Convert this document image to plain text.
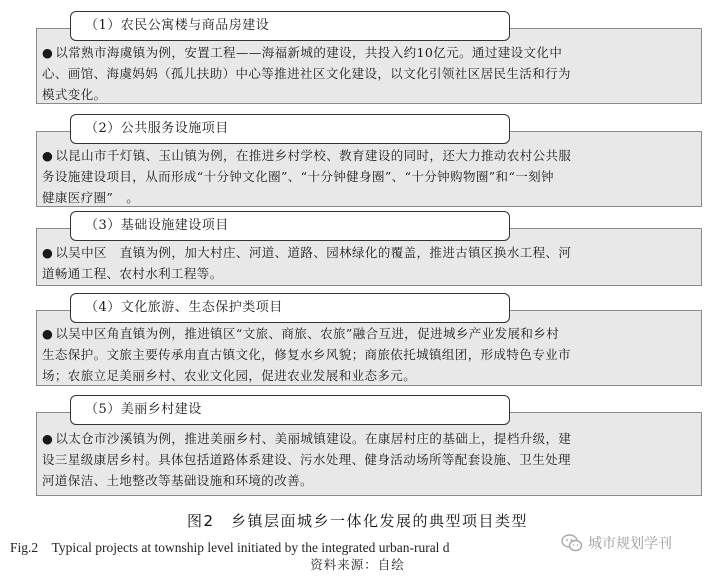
● 以常熟市海虞镇为例，安置工程——海福新城的建设，共投入约10亿元。通过建设文化中
心、画馆、海虞妈妈（孤儿扶助）中心等推进社区文化建设，以文化引领社区居民生活和行为
模式变化。
（1）农民公寓楼与商品房建设
● 以昆山市千灯镇、玉山镇为例，在推进乡村学校、教育建设的同时，还大力推动农村公共服
务设施建设项目，从而形成“十分钟文化圈”、“十分钟健身圈”、“十分钟购物圈”和“一刻钟
健康医疗圈”　。
（2）公共服务设施项目
● 以吴中区　直镇为例，加大村庄、河道、道路、园林绿化的覆盖，推进古镇区换水工程、河
道畅通工程、农村水利工程等。
（3）基础设施建设项目
● 以吴中区角直镇为例，推进镇区“文旅、商旅、农旅”融合互进，促进城乡产业发展和乡村
生态保护。文旅主要传承甪直古镇文化，修复水乡风貌；商旅依托城镇组团，形成特色专业市
场；农旅立足美丽乡村、农业文化园，促进农业发展和业态多元。
（4）文化旅游、生态保护类项目
● 以太仓市沙溪镇为例，推进美丽乡村、美丽城镇建设。在康居村庄的基础上，提档升级，建
设三星级康居乡村。具体包括道路体系建设、污水处理、健身活动场所等配套设施、卫生处理
河道保洁、土地整改等基础设施和环境的改善。
（5）美丽乡村建设
图2　乡镇层面城乡一体化发展的典型项目类型
Fig.2　Typical projects at township level initiated by the integrated urban-rural d
资料来源：自绘
城市规划学刊
